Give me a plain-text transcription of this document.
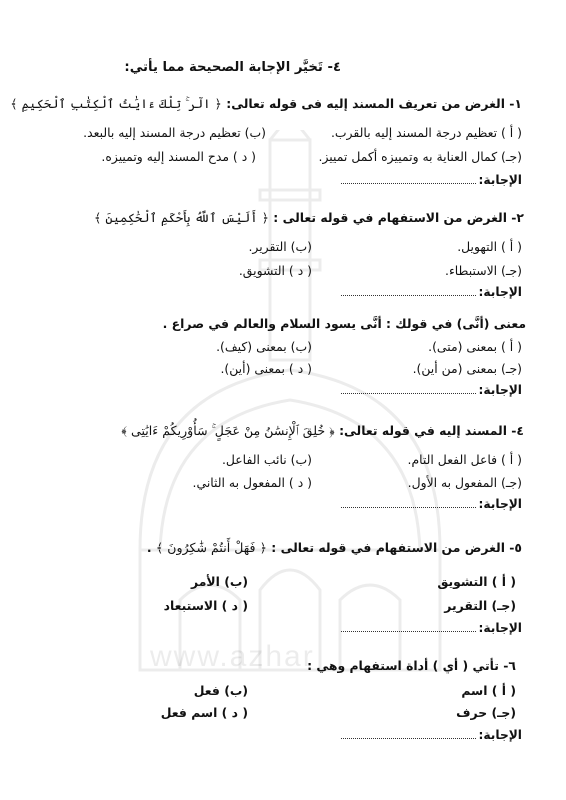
www.azhar
٤- تَخيَّر الإجابة الصحيحة مما يأتي:
١- الغرض من تعريف المسند إليه فى قوله تعالى: ﴿ الٓر ۚ تِلْكَ ءَايَٰتُ ٱلْكِتَٰبِ ٱلْحَكِيمِ ﴾
( أ ) تعظيم درجة المسند إليه بالقرب.
(ب) تعظيم درجة المسند إليه بالبعد.
(جـ) كمال العناية به وتمييزه أكمل تمييز.
( د ) مدح المسند إليه وتمييزه.
الإجابة:
٢- الغرض من الاستفهام في قوله تعالى : ﴿ أَلَيْسَ ٱللَّهُ بِأَحْكَمِ ٱلْحَٰكِمِينَ ﴾
( أ ) التهويل.
(ب) التقرير.
(جـ) الاستبطاء.
( د ) التشويق.
الإجابة:
معنى (أنَّى) في قولك : أنَّى يسود السلام والعالم في صراع .
( أ ) بمعنى (متى).
(ب) بمعنى (كيف).
(جـ) بمعنى (من أين).
( د ) بمعنى (أين).
الإجابة:
٤- المسند إليه في قوله تعالى: ﴿ خُلِقَ ٱلْإِنسَٰنُ مِنْ عَجَلٍ ۚ سَأُوْرِيكُمْ ءَايَٰتِى ﴾
( أ ) فاعل الفعل التام.
(ب) نائب الفاعل.
(جـ) المفعول به الأول.
( د ) المفعول به الثاني.
الإجابة:
٥- الغرض من الاستفهام في قوله تعالى : ﴿ فَهَلْ أَنتُمْ شَٰكِرُونَ ﴾ .
( أ ) التشويق
(ب) الأمر
(جـ) التقرير
( د ) الاستبعاد
الإجابة:
٦- تأتي ( أي ) أداة استفهام وهي :
( أ ) اسم
(ب) فعل
(جـ) حرف
( د ) اسم فعل
الإجابة:
